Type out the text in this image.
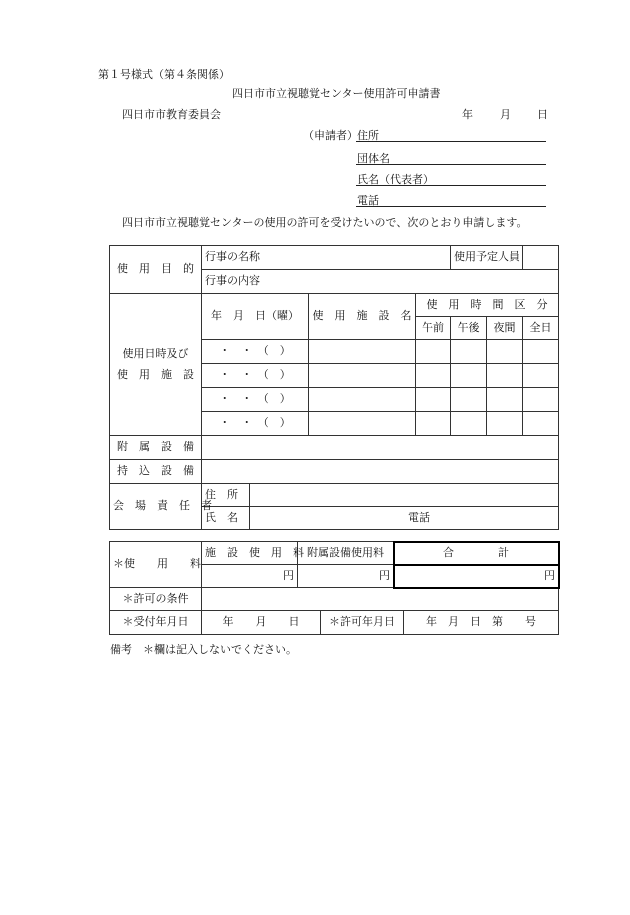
第１号様式（第４条関係）
四日市市立視聴覚センター使用許可申請書
四日市市教育委員会	年 月 日
（申請者） 住所
団体名
氏名（代表者）
電話
四日市市立視聴覚センターの使用の許可を受けたいので、次のとおり申請します。
使　用　目　的	行事の名称				使用予定人員		
	行事の内容						
使用日時及び
使　用　施　設	年　月　日（曜）		使　用　施　設　名	使　用　時　間　区　分			
				午前	午後	夜間	全日
	・　・　（　）						
	・　・　（　）						
	・　・　（　）						
	・　・　（　）						
附　属　設　備							
持　込　設　備							
会　場　責　任　者	住　所						
	氏　名	電話					
＊使　　用　　料	施　設　使　用　料	附属設備使用料	合　　　　計
	円	円	円
＊許可の条件			
＊受付年月日	年　　月　　日	＊許可年月日	年　月　日　第　　号
備考　＊欄は記入しないでください。
